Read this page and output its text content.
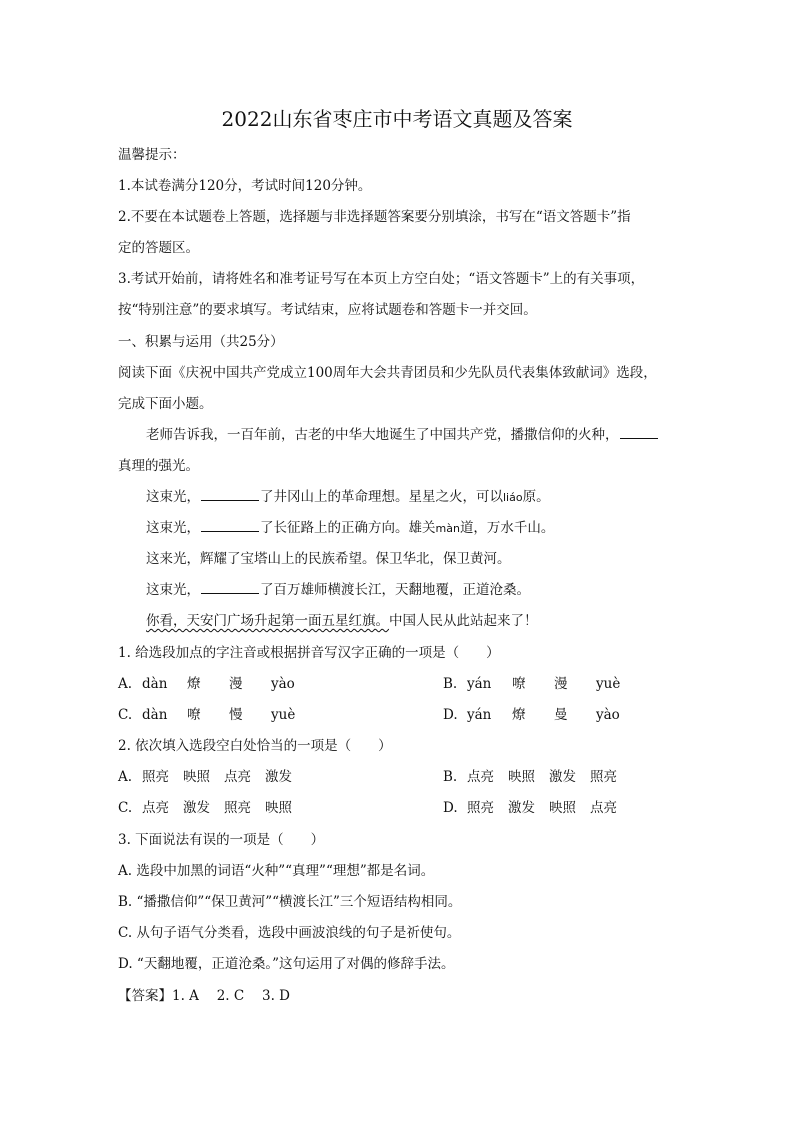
2022山东省枣庄市中考语文真题及答案
温馨提示：
1.本试卷满分120分，考试时间120分钟。
2.不要在本试题卷上答题，选择题与非选择题答案要分别填涂，书写在“语文答题卡”指
定的答题区。
3.考试开始前，请将姓名和准考证号写在本页上方空白处；“语文答题卡”上的有关事项，
按“特别注意”的要求填写。考试结束，应将试题卷和答题卡一并交回。
一、积累与运用（共25分）
阅读下面《庆祝中国共产党成立100周年大会共青团员和少先队员代表集体致献词》选段，
完成下面小题。
老师告诉我，一百年前，古老的中华大地诞生了中国共产党，播撒信仰的火种，
真理的强光。
这束光，	了井冈山上的革命理想。星星之火，可以liáo原。
这束光，	了长征路上的正确方向。雄关màn道，万水千山。
这来光，辉耀了宝塔山上的民族希望。保卫华北，保卫黄河。
这束光，	了百万雄师横渡长江，天翻地覆，正道沧桑。
你看，天安门广场升起第一面五星红旗。中国人民从此站起来了！
1. 给选段加点的字注音或根据拼音写汉字正确的一项是（　　）
A. dàn 燎 漫 yào	B. yán 嘹 漫 yuè
C. dàn 嘹 慢 yuè	D. yán 燎 曼 yào
2. 依次填入选段空白处恰当的一项是（　　）
A. 照亮 映照 点亮 激发	B. 点亮 映照 激发 照亮
C. 点亮 激发 照亮 映照	D. 照亮 激发 映照 点亮
3. 下面说法有误的一项是（　　）
A. 选段中加黑的词语“火种”“真理”“理想”都是名词。
B. “播撒信仰”“保卫黄河”“横渡长江”三个短语结构相同。
C. 从句子语气分类看，选段中画波浪线的句子是祈使句。
D. “天翻地覆，正道沧桑。”这句运用了对偶的修辞手法。
【答案】1. A　 2. C　 3. D
